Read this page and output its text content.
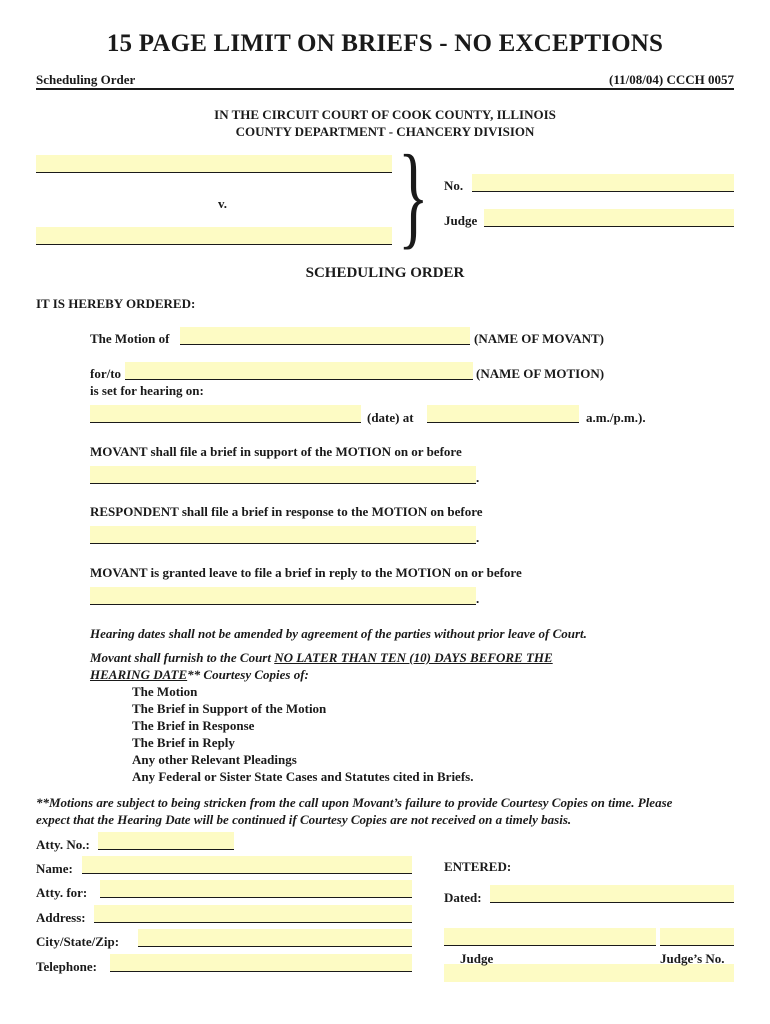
15 PAGE LIMIT ON BRIEFS - NO EXCEPTIONS
Scheduling Order	(11/08/04) CCCH 0057
IN THE CIRCUIT COURT OF COOK COUNTY, ILLINOIS
COUNTY DEPARTMENT - CHANCERY DIVISION
v. } No.
Judge
SCHEDULING ORDER
IT IS HEREBY ORDERED:
The Motion of	(NAME OF MOVANT)
for/to	(NAME OF MOTION)
is set for hearing on:
(date) at	a.m./p.m.).
MOVANT shall file a brief in support of the MOTION on or before
.
RESPONDENT shall file a brief in response to the MOTION on before
.
MOVANT is granted leave to file a brief in reply to the MOTION on or before
.
Hearing dates shall not be amended by agreement of the parties without prior leave of Court.
Movant shall furnish to the Court NO LATER THAN TEN (10) DAYS BEFORE THE
HEARING DATE** Courtesy Copies of:
The Motion
The Brief in Support of the Motion
The Brief in Response
The Brief in Reply
Any other Relevant Pleadings
Any Federal or Sister State Cases and Statutes cited in Briefs.
**Motions are subject to being stricken from the call upon Movant’s failure to provide Courtesy Copies on time. Please
expect that the Hearing Date will be continued if Courtesy Copies are not received on a timely basis.
Atty. No.:
Name:
Atty. for:
Address:
City/State/Zip:
Telephone:
ENTERED:
Dated:
Judge	Judge’s No.
